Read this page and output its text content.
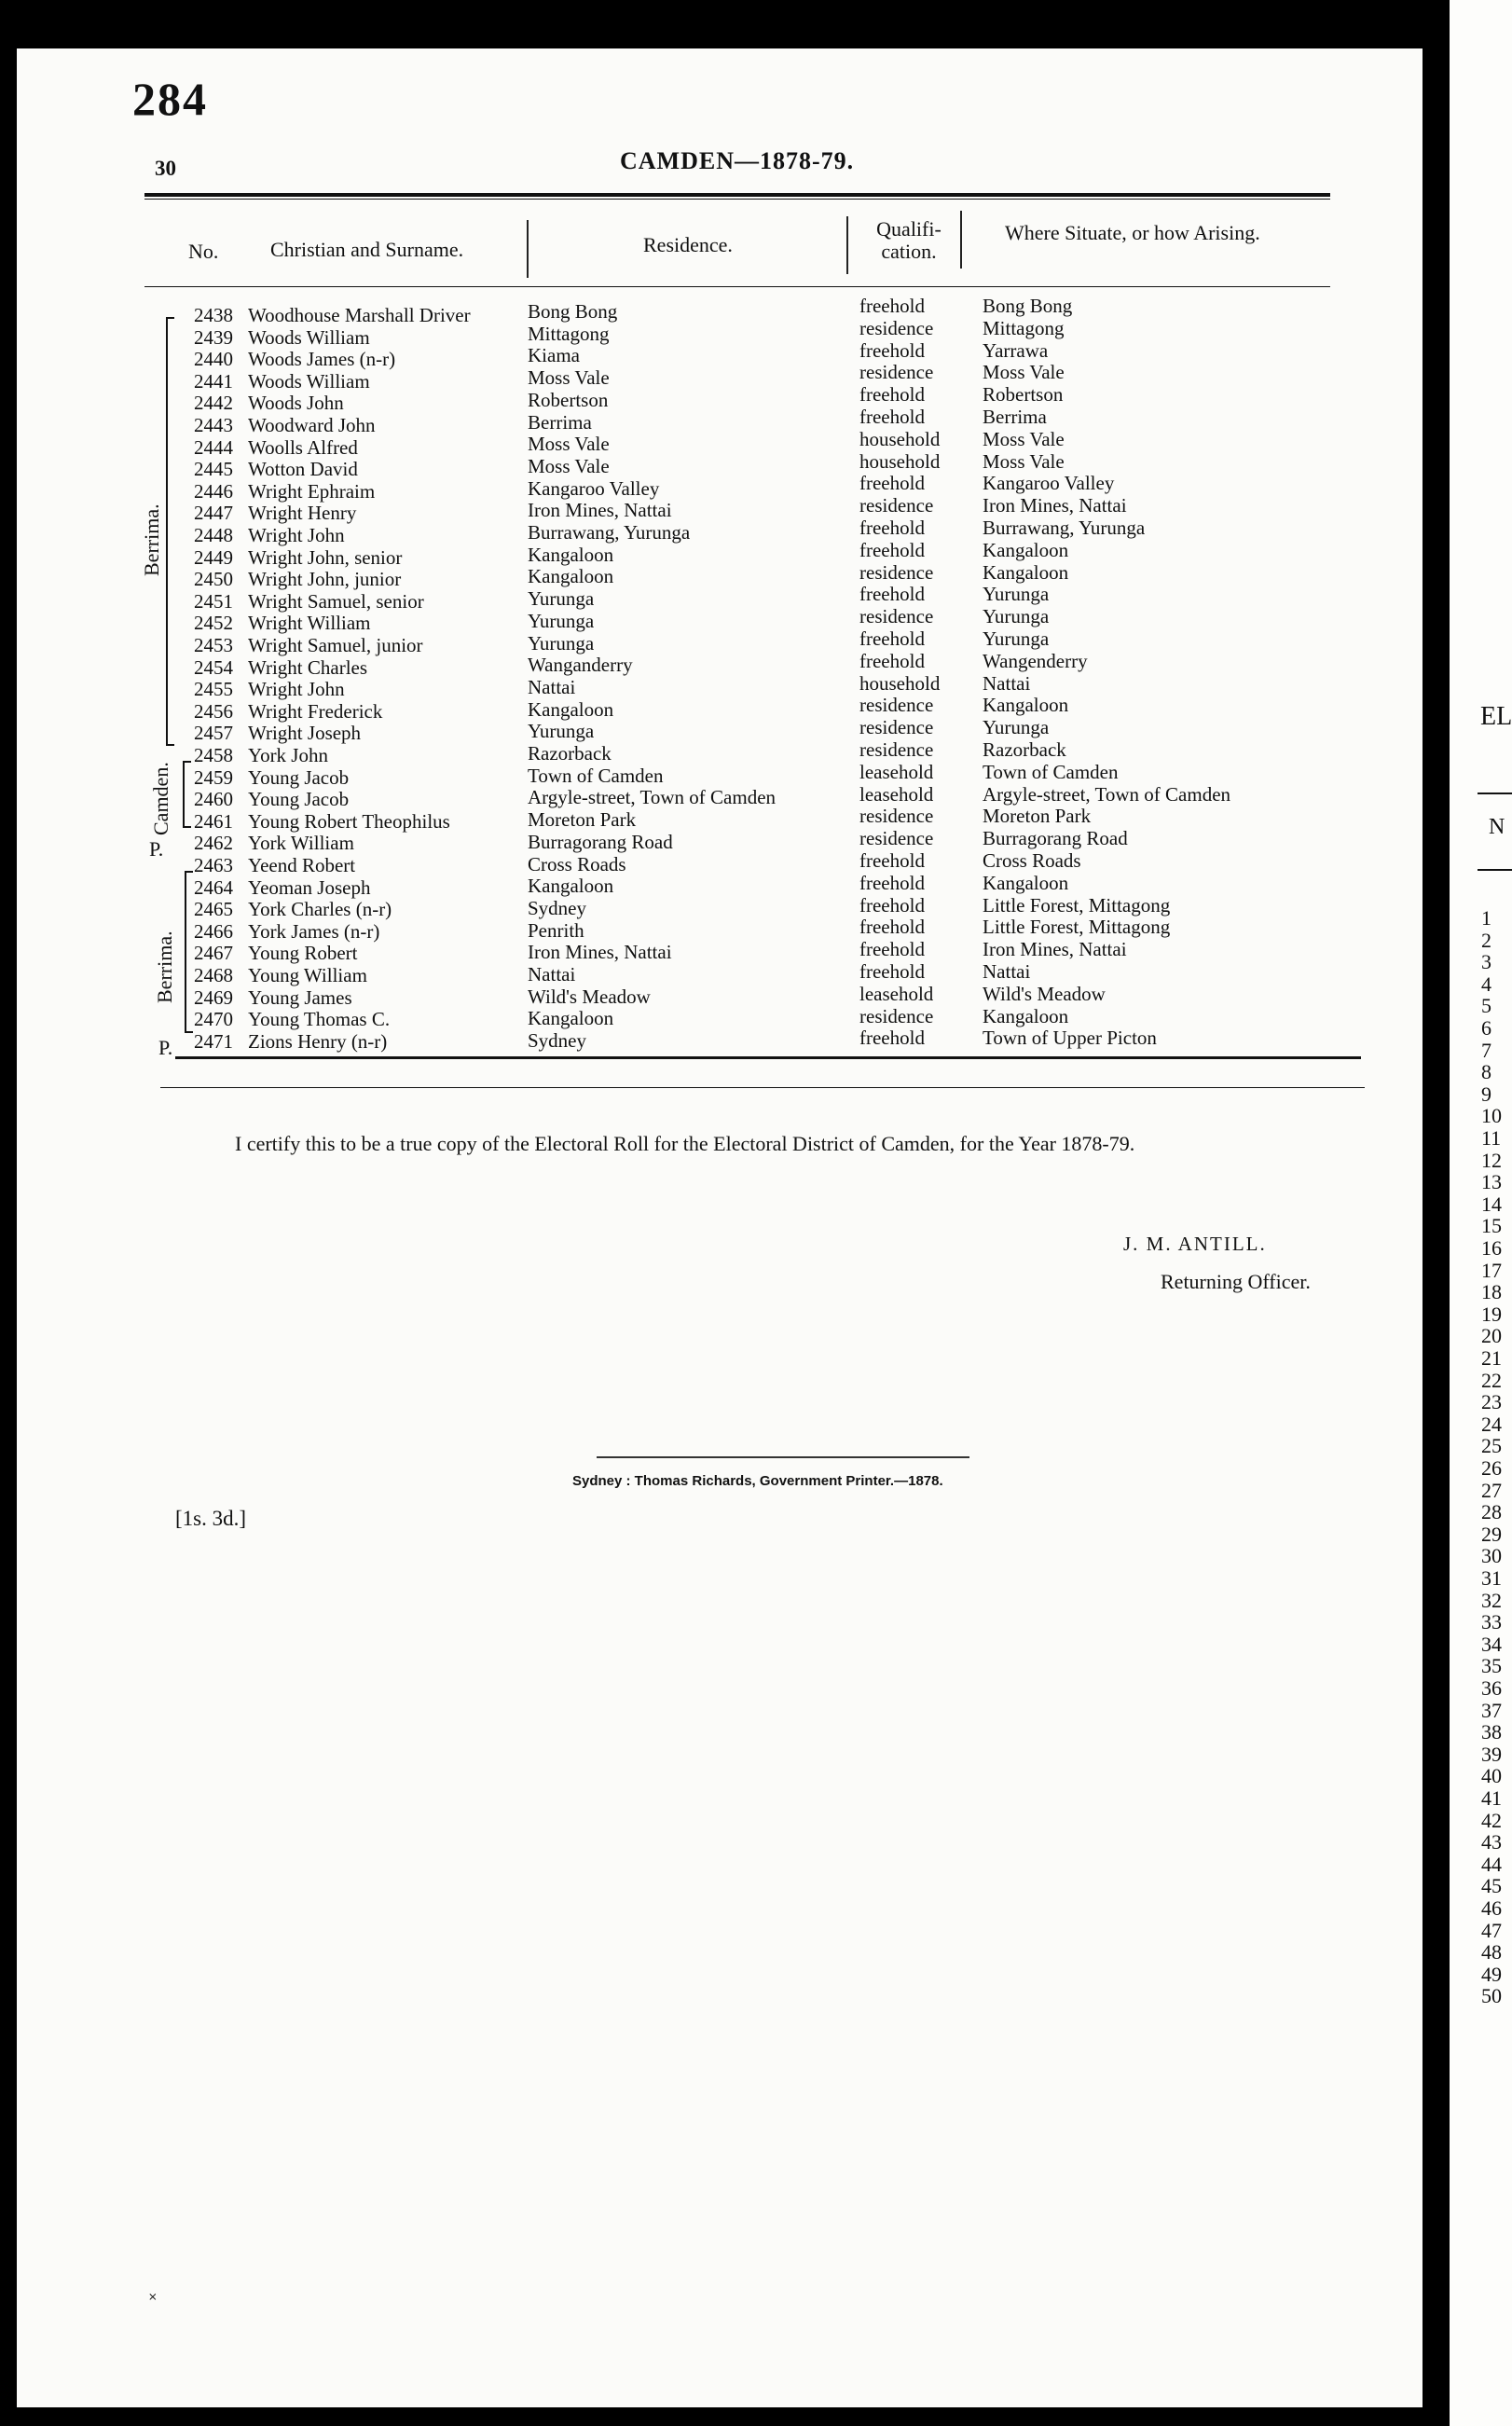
EL
N
1
2
3
4
5
6
7
8
9
10
11
12
13
14
15
16
17
18
19
20
21
22
23
24
25
26
27
28
29
30
31
32
33
34
35
36
37
38
39
40
41
42
43
44
45
46
47
48
49
50
284
30	CAMDEN—1878-79.
No.	Christian and Surname.	Residence.
Qualifi-
cation.
Where Situate, or how Arising.
2438 Woodhouse Marshall Driver	Bong Bong	freehold	Bong Bong
2439 Woods William	Mittagong	residence	Mittagong
2440 Woods James (n-r)	Kiama	freehold	Yarrawa
2441 Woods William	Moss Vale	residence	Moss Vale
2442 Woods John	Robertson	freehold	Robertson
2443 Woodward John	Berrima	freehold	Berrima
2444 Woolls Alfred	Moss Vale	household Moss Vale
2445 Wotton David	Moss Vale	household Moss Vale
2446 Wright Ephraim	Kangaroo Valley	freehold	Kangaroo Valley
2447 Wright Henry	Iron Mines, Nattai	residence	Iron Mines, Nattai
2448 Wright John	Burrawang, Yurunga	freehold	Burrawang, Yurunga
2449 Wright John, senior	Kangaloon	freehold	Kangaloon
2450 Wright John, junior	Kangaloon	residence	Kangaloon
2451 Wright Samuel, senior	Yurunga	freehold	Yurunga
2452 Wright William	Yurunga	residence	Yurunga
2453 Wright Samuel, junior	Yurunga	freehold	Yurunga
2454 Wright Charles	Wanganderry	freehold	Wangenderry
2455 Wright John	Nattai	household Nattai
2456 Wright Frederick	Kangaloon	residence	Kangaloon
2457 Wright Joseph	Yurunga	residence	Yurunga
2458 York John	Razorback	residence	Razorback
2459 Young Jacob	Town of Camden	leasehold	Town of Camden
2460 Young Jacob	Argyle-street, Town of Camden	leasehold	Argyle-street, Town of Camden
2461 Young Robert Theophilus	Moreton Park	residence	Moreton Park
2462 York William	Burragorang Road	residence	Burragorang Road
2463 Yeend Robert	Cross Roads	freehold	Cross Roads
2464 Yeoman Joseph	Kangaloon	freehold	Kangaloon
2465 York Charles (n-r)	Sydney	freehold	Little Forest, Mittagong
2466 York James (n-r)	Penrith	freehold	Little Forest, Mittagong
2467 Young Robert	Iron Mines, Nattai	freehold	Iron Mines, Nattai
2468 Young William	Nattai	freehold	Nattai
2469 Young James	Wild's Meadow	leasehold	Wild's Meadow
2470 Young Thomas C.	Kangaloon	residence	Kangaloon
2471 Zions Henry (n-r)	Sydney	freehold	Town of Upper Picton
Berrima.
Camden.
P.
Berrima.
P.
I certify this to be a true copy of the Electoral Roll for the Electoral District of Camden, for the Year 1878-79.
J. M. ANTILL.
Returning Officer.
Sydney : Thomas Richards, Government Printer.—1878.
[1s. 3d.]
˟
